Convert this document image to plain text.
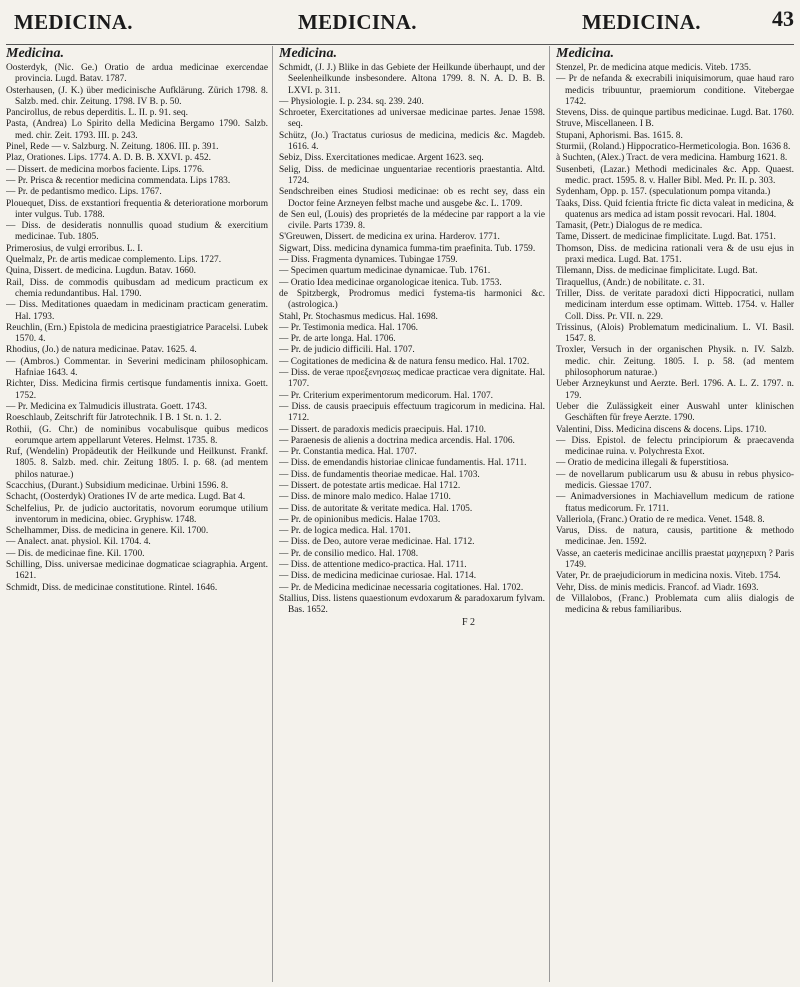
MEDICINA.	MEDICINA.	MEDICINA.	43
Medicina.

Oosterdyk, (Nic. Ge.) Oratio de ardua medicinae exercendae provincia. Lugd. Batav. 1787.

Osterhausen, (J. K.) über medicinische Aufklärung. Zürich 1798. 8. Salzb. med. chir. Zeitung. 1798. IV B. p. 50.

Pancirollus, de rebus deperditis. L. II. p. 91. seq.

Pasta, (Andrea) Lo Spirito della Medicina Bergamo 1790. Salzb. med. chir. Zeit. 1793. III. p. 243.

Pinel, Rede — v. Salzburg. N. Zeitung. 1806. III. p. 391.

Plaz, Orationes. Lips. 1774. A. D. B. B. XXVI. p. 452.

— Dissert. de medicina morbos faciente. Lips. 1776.

— Pr. Prisca & recentior medicina commendata. Lips 1783.

— Pr. de pedantismo medico. Lips. 1767.

Plouequet, Diss. de exstantiori frequentia & deterioratione morborum inter vulgus. Tub. 1788.

— Diss. de desideratis nonnullis quoad studium & exercitium medicinae. Tub. 1805.

Primerosius, de vulgi erroribus. L. I.

Quelmalz, Pr. de artis medicae complemento. Lips. 1727.

Quina, Dissert. de medicina. Lugdun. Batav. 1660.

Rail, Diss. de commodis quibusdam ad medicum practicum ex chemia redundantibus. Hal. 1790.

— Diss. Meditationes quaedam in medicinam practicam generatim. Hal. 1793.

Reuchlin, (Ern.) Epistola de medicina praestigiatrice Paracelsi. Lubek 1570. 4.

Rhodius, (Jo.) de natura medicinae. Patav. 1625. 4.

— (Ambros.) Commentar. in Severini medicinam philosophicam. Hafniae 1643. 4.

Richter, Diss. Medicina firmis certisque fundamentis innixa. Goett. 1752.

— Pr. Medicina ex Talmudicis illustrata. Goett. 1743.

Roeschlaub, Zeitschrift für Jatrotechnik. I B. 1 St. n. 1. 2.

Rothii, (G. Chr.) de nominibus vocabulisque quibus medicos eorumque artem appellarunt Veteres. Helmst. 1735. 8.

Ruf, (Wendelin) Propädeutik der Heilkunde und Heilkunst. Frankf. 1805. 8. Salzb. med. chir. Zeitung 1805. I. p. 68. (ad mentem philos naturae.)

Scacchius, (Durant.) Subsidium medicinae. Urbini 1596. 8.

Schacht, (Oosterdyk) Orationes IV de arte medica. Lugd. Bat 4.

Schelfelius, Pr. de judicio auctoritatis, novorum eorumque utilium inventorum in medicina, obiec. Gryphisw. 1748.

Schelhammer, Diss. de medicina in genere. Kil. 1700.

— Analect. anat. physiol. Kil. 1704. 4.

— Dis. de medicinae fine. Kil. 1700.

Schilling, Diss. universae medicinae dogmaticae sciagraphia. Argent. 1621.

Schmidt, Diss. de medicinae constitutione. Rintel. 1646.

Medicina.

Schmidt, (J. J.) Blike in das Gebiete der Heilkunde überhaupt, und der Seelenheilkunde insbesondere. Altona 1799. 8. N. A. D. B. B. LXVI. p. 311.

— Physiologie. I. p. 234. sq. 239. 240.

Schroeter, Exercitationes ad universae medicinae partes. Jenae 1598. seq.

Schütz, (Jo.) Tractatus curiosus de medicina, medicis &c. Magdeb. 1616. 4.

Sebiz, Diss. Exercitationes medicae. Argent 1623. seq.

Selig, Diss. de medicinae unguentariae recentioris praestantia. Altd. 1724.

Sendschreiben eines Studiosi medicinae: ob es recht sey, dass ein Doctor feine Arzneyen felbst mache und ausgebe &c. L. 1709.

de Sen eul, (Louis) des proprietés de la médecine par rapport a la vie civile. Parts 1739. 8.

S'Greuwen, Dissert. de medicina ex urina. Harderov. 1771.

Sigwart, Diss. medicina dynamica fumma-tim praefinita. Tub. 1759.

— Diss. Fragmenta dynamices. Tubingae 1759.

— Specimen quartum medicinae dynamicae. Tub. 1761.

— Oratio Idea medicinae organologicae itenica. Tub. 1753.

de Spitzbergk, Prodromus medici fystema-tis harmonici &c. (astrologica.)

Stahl, Pr. Stochasmus medicus. Hal. 1698.

— Pr. Testimonia medica. Hal. 1706.

— Pr. de arte longa. Hal. 1706.

— Pr. de judicio difficili. Hal. 1707.

— Cogitationes de medicina & de natura fensu medico. Hal. 1702.

— Diss. de verae πρoεξενησεως medicae practicae vera dignitate. Hal. 1707.

— Pr. Criterium experimentorum medicorum. Hal. 1707.

— Diss. de causis praecipuis effectuum tragicorum in medicina. Hal. 1712.

— Dissert. de paradoxis medicis praecipuis. Hal. 1710.

— Paraenesis de alienis a doctrina medica arcendis. Hal. 1706.

— Pr. Constantia medica. Hal. 1707.

— Diss. de emendandis historiae clinicae fundamentis. Hal. 1711.

— Diss. de fundamentis theoriae medicae. Hal. 1703.

— Dissert. de potestate artis medicae. Hal 1712.

— Diss. de minore malo medico. Halae 1710.

— Diss. de autoritate & veritate medica. Hal. 1705.

— Pr. de opinionibus medicis. Halae 1703.

— Pr. de logica medica. Hal. 1701.

— Diss. de Deo, autore verae medicinae. Hal. 1712.

— Pr. de consilio medico. Hal. 1708.

— Diss. de attentione medico-practica. Hal. 1711.

— Diss. de medicina medicinae curiosae. Hal. 1714.

— Pr. de Medicina medicinae necessaria cogitationes. Hal. 1702.

Stallius, Diss. listens quaestionum evdoxarum & paradoxarum fylvam. Bas. 1652.

F 2
Medicina.

Stenzel, Pr. de medicina atque medicis. Viteb. 1735.

— Pr de nefanda & execrabili iniquisimorum, quae haud raro medicis tribuuntur, praemiorum conditione. Vitebergae 1742.

Stevens, Diss. de quinque partibus medicinae. Lugd. Bat. 1760.

Struve, Miscellaneen. I B.

Stupani, Aphorismi. Bas. 1615. 8.

Sturmii, (Roland.) Hippocratico-Hermeticologia. Bon. 1636 8.

à Suchten, (Alex.) Tract. de vera medicina. Hamburg 1621. 8.

Susenbeti, (Lazar.) Methodi medicinales &c. App. Quaest. medic. pract. 1595. 8. v. Haller Bibl. Med. Pr. II. p. 303.

Sydenham, Opp. p. 157. (speculationum pompa vitanda.)

Taaks, Diss. Quid fcientia ftricte fic dicta valeat in medicina, & quatenus ars medica ad istam possit revocari. Hal. 1804.

Tamasit, (Petr.) Dialogus de re medica.

Tame, Dissert. de medicinae fimplicitate. Lugd. Bat. 1751.

Thomson, Diss. de medicina rationali vera & de usu ejus in praxi medica. Lugd. Bat. 1751.

Tilemann, Diss. de medicinae fimplicitate. Lugd. Bat.

Tiraquellus, (Andr.) de nobilitate. c. 31.

Triller, Diss. de veritate paradoxi dicti Hippocratici, nullam medicinam interdum esse optimam. Witteb. 1754. v. Haller Coll. Diss. Pr. VII. n. 229.

Trissinus, (Alois) Problematum medicinalium. L. VI. Basil. 1547. 8.

Troxler, Versuch in der organischen Physik. n. IV. Salzb. medic. chir. Zeitung. 1805. I. p. 58. (ad mentem philosophorum naturae.)

Ueber Arzneykunst und Aerzte. Berl. 1796. A. L. Z. 1797. n. 179.

Ueber die Zulässigkeit einer Auswahl unter klinischen Geschäften für freye Aerzte. 1790.

Valentini, Diss. Medicina discens & docens. Lips. 1710.

— Diss. Epistol. de felectu principiorum & praecavenda medicinae ruina. v. Polychresta Exot.

— Oratio de medicina illegali & fuperstitiosa.

— de novellarum publicarum usu & abusu in rebus physico-medicis. Giessae 1707.

— Animadversiones in Machiavellum medicum de ratione ftatus medicorum. Fr. 1711.

Valleriola, (Franc.) Oratio de re medica. Venet. 1548. 8.

Varus, Diss. de natura, causis, partitione & methodo medicinae. Jen. 1592.

Vasse, an caeteris medicinae ancillis praestat μαχηεpιxη ? Paris 1749.

Vater, Pr. de praejudiciorum in medicina noxis. Viteb. 1754.

Vehr, Diss. de minis medicis. Francof. ad Viadr. 1693.

de Villalobos, (Franc.) Problemata cum aliis dialogis de medicina & rebus familiaribus.
